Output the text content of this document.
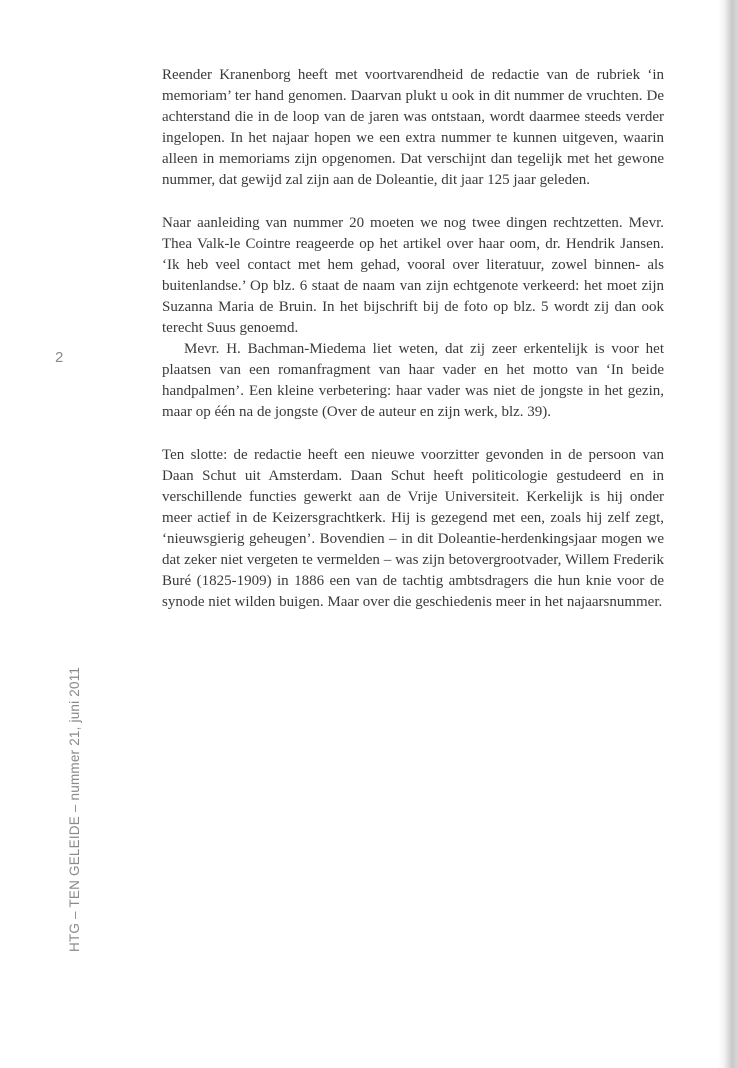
2
HTG – TEN GELEIDE – nummer 21, juni 2011

Reender Kranenborg heeft met voortvarendheid de redactie van de rubriek ‘in memoriam’ ter hand genomen. Daarvan plukt u ook in dit nummer de vruchten. De achterstand die in de loop van de jaren was ontstaan, wordt daarmee steeds verder ingelopen. In het najaar hopen we een extra nummer te kunnen uitgeven, waarin alleen in memoriams zijn opgenomen. Dat verschijnt dan tegelijk met het gewone nummer, dat gewijd zal zijn aan de Doleantie, dit jaar 125 jaar geleden.

Naar aanleiding van nummer 20 moeten we nog twee dingen rechtzetten. Mevr. Thea Valk-le Cointre reageerde op het artikel over haar oom, dr. Hendrik Jansen. ‘Ik heb veel contact met hem gehad, vooral over literatuur, zowel binnen- als buitenlandse.’ Op blz. 6 staat de naam van zijn echtgenote verkeerd: het moet zijn Suzanna Maria de Bruin. In het bijschrift bij de foto op blz. 5 wordt zij dan ook terecht Suus genoemd.

Mevr. H. Bachman-Miedema liet weten, dat zij zeer erkentelijk is voor het plaatsen van een romanfragment van haar vader en het motto van ‘In beide handpalmen’. Een kleine verbetering: haar vader was niet de jongste in het gezin, maar op één na de jongste (Over de auteur en zijn werk, blz. 39).

Ten slotte: de redactie heeft een nieuwe voorzitter gevonden in de persoon van Daan Schut uit Amsterdam. Daan Schut heeft politicologie gestudeerd en in verschillende functies gewerkt aan de Vrije Universiteit. Kerkelijk is hij onder meer actief in de Keizersgrachtkerk. Hij is gezegend met een, zoals hij zelf zegt, ‘nieuwsgierig geheugen’. Bovendien – in dit Doleantie-herdenkingsjaar mogen we dat zeker niet vergeten te vermelden – was zijn betovergrootvader, Willem Frederik Buré (1825-1909) in 1886 een van de tachtig ambtsdragers die hun knie voor de synode niet wilden buigen. Maar over die geschiedenis meer in het najaarsnummer.
